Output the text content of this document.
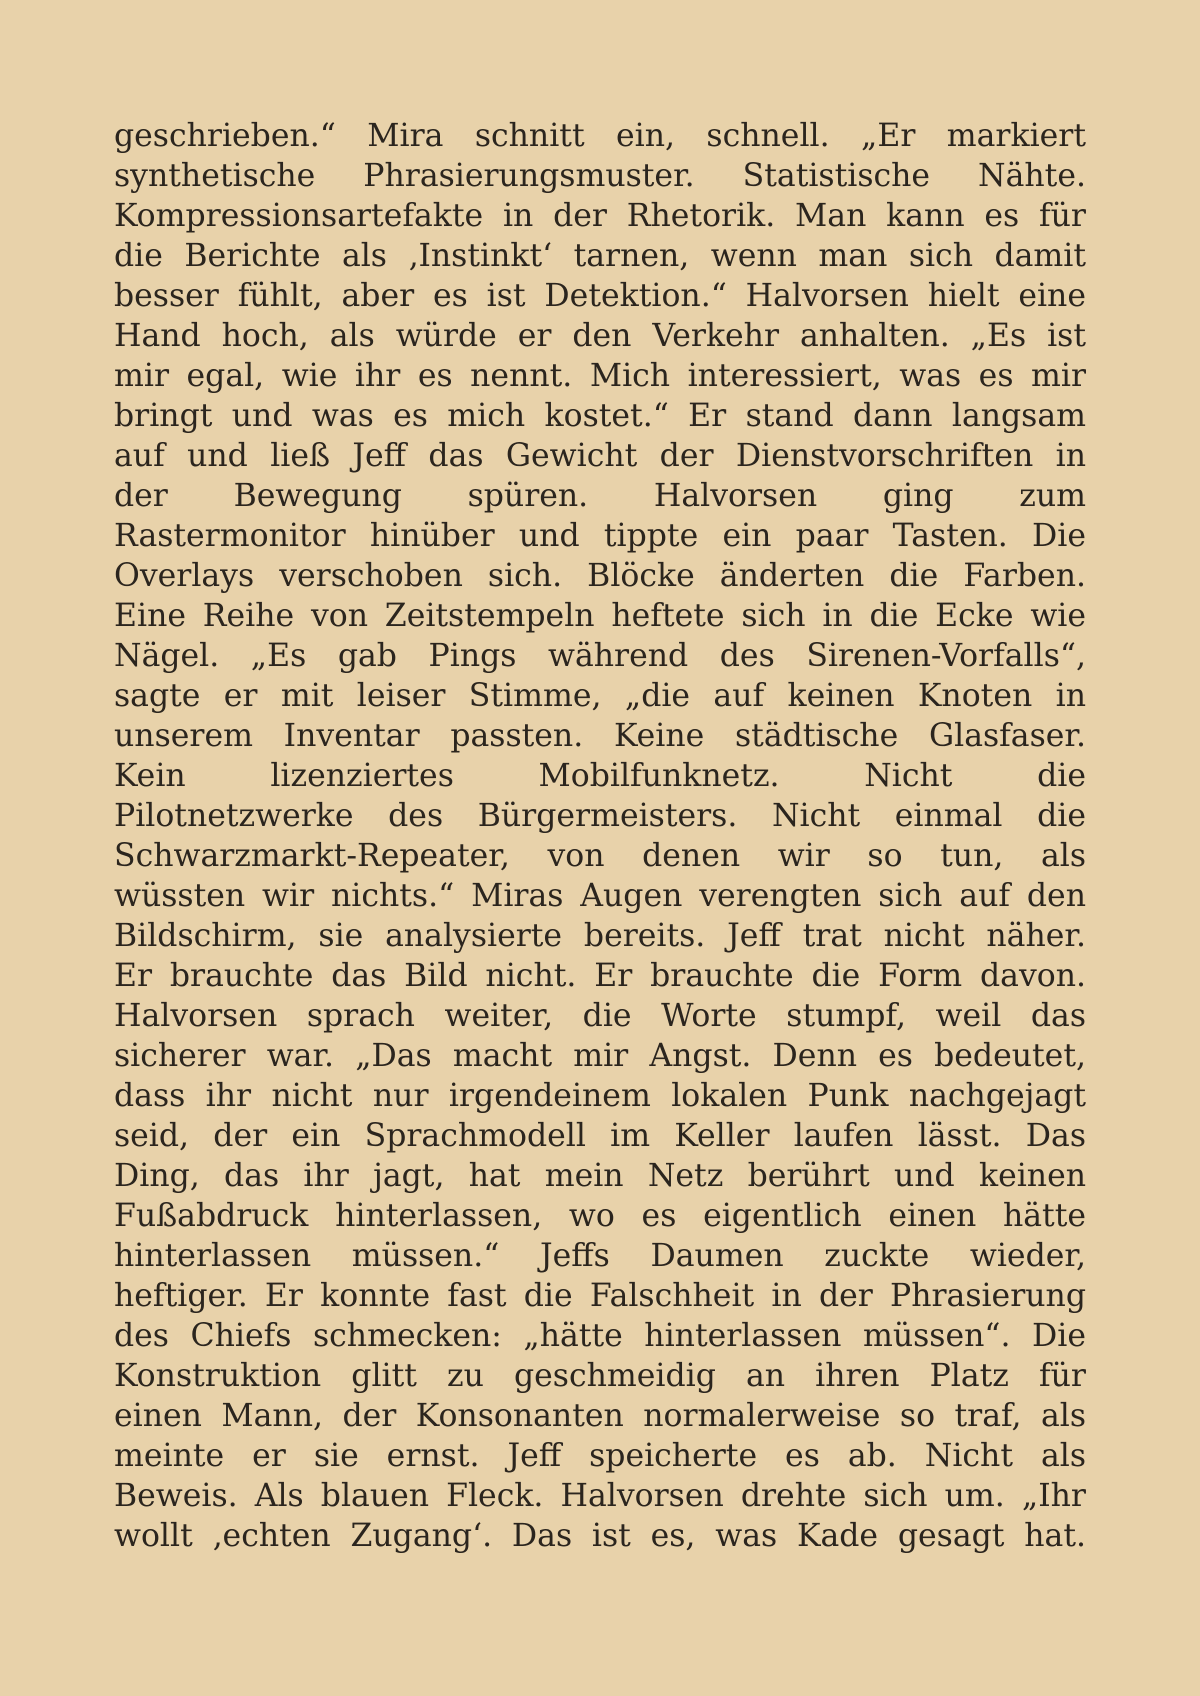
geschrieben.“ Mira schnitt ein, schnell. „Er markiert
synthetische Phrasierungsmuster. Statistische Nähte.
Kompressionsartefakte in der Rhetorik. Man kann es für
die Berichte als ‚Instinkt‘ tarnen, wenn man sich damit
besser fühlt, aber es ist Detektion.“ Halvorsen hielt eine
Hand hoch, als würde er den Verkehr anhalten. „Es ist
mir egal, wie ihr es nennt. Mich interessiert, was es mir
bringt und was es mich kostet.“ Er stand dann langsam
auf und ließ Jeff das Gewicht der Dienstvorschriften in
der Bewegung spüren. Halvorsen ging zum
Rastermonitor hinüber und tippte ein paar Tasten. Die
Overlays verschoben sich. Blöcke änderten die Farben.
Eine Reihe von Zeitstempeln heftete sich in die Ecke wie
Nägel. „Es gab Pings während des Sirenen-Vorfalls“,
sagte er mit leiser Stimme, „die auf keinen Knoten in
unserem Inventar passten. Keine städtische Glasfaser.
Kein lizenziertes Mobilfunknetz. Nicht die
Pilotnetzwerke des Bürgermeisters. Nicht einmal die
Schwarzmarkt-Repeater, von denen wir so tun, als
wüssten wir nichts.“ Miras Augen verengten sich auf den
Bildschirm, sie analysierte bereits. Jeff trat nicht näher.
Er brauchte das Bild nicht. Er brauchte die Form davon.
Halvorsen sprach weiter, die Worte stumpf, weil das
sicherer war. „Das macht mir Angst. Denn es bedeutet,
dass ihr nicht nur irgendeinem lokalen Punk nachgejagt
seid, der ein Sprachmodell im Keller laufen lässt. Das
Ding, das ihr jagt, hat mein Netz berührt und keinen
Fußabdruck hinterlassen, wo es eigentlich einen hätte
hinterlassen müssen.“ Jeffs Daumen zuckte wieder,
heftiger. Er konnte fast die Falschheit in der Phrasierung
des Chiefs schmecken: „hätte hinterlassen müssen“. Die
Konstruktion glitt zu geschmeidig an ihren Platz für
einen Mann, der Konsonanten normalerweise so traf, als
meinte er sie ernst. Jeff speicherte es ab. Nicht als
Beweis. Als blauen Fleck. Halvorsen drehte sich um. „Ihr
wollt ‚echten Zugang‘. Das ist es, was Kade gesagt hat.
